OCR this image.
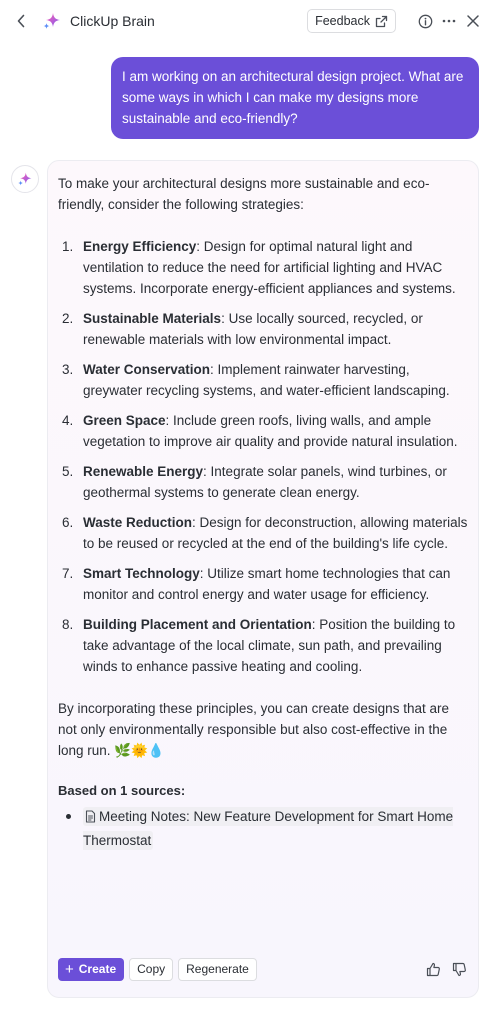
ClickUp Brain	Feedback
I am working on an architectural design project. What are some ways in which I can make my designs more sustainable and eco-friendly?

To make your architectural designs more sustainable and eco-friendly, consider the following strategies:

1. Energy Efficiency: Design for optimal natural light and ventilation to reduce the need for artificial lighting and HVAC systems. Incorporate energy-efficient appliances and systems.
2. Sustainable Materials: Use locally sourced, recycled, or renewable materials with low environmental impact.
3. Water Conservation: Implement rainwater harvesting, greywater recycling systems, and water-efficient landscaping.
4. Green Space: Include green roofs, living walls, and ample vegetation to improve air quality and provide natural insulation.
5. Renewable Energy: Integrate solar panels, wind turbines, or geothermal systems to generate clean energy.
6. Waste Reduction: Design for deconstruction, allowing materials to be reused or recycled at the end of the building's life cycle.
7. Smart Technology: Utilize smart home technologies that can monitor and control energy and water usage for efficiency.
8. Building Placement and Orientation: Position the building to take advantage of the local climate, sun path, and prevailing winds to enhance passive heating and cooling.

By incorporating these principles, you can create designs that are not only environmentally responsible but also cost-effective in the long run. 🌿🌞💧

Based on 1 sources:

Meeting Notes: New Feature Development for Smart Home Thermostat
+ Create	Copy	Regenerate
